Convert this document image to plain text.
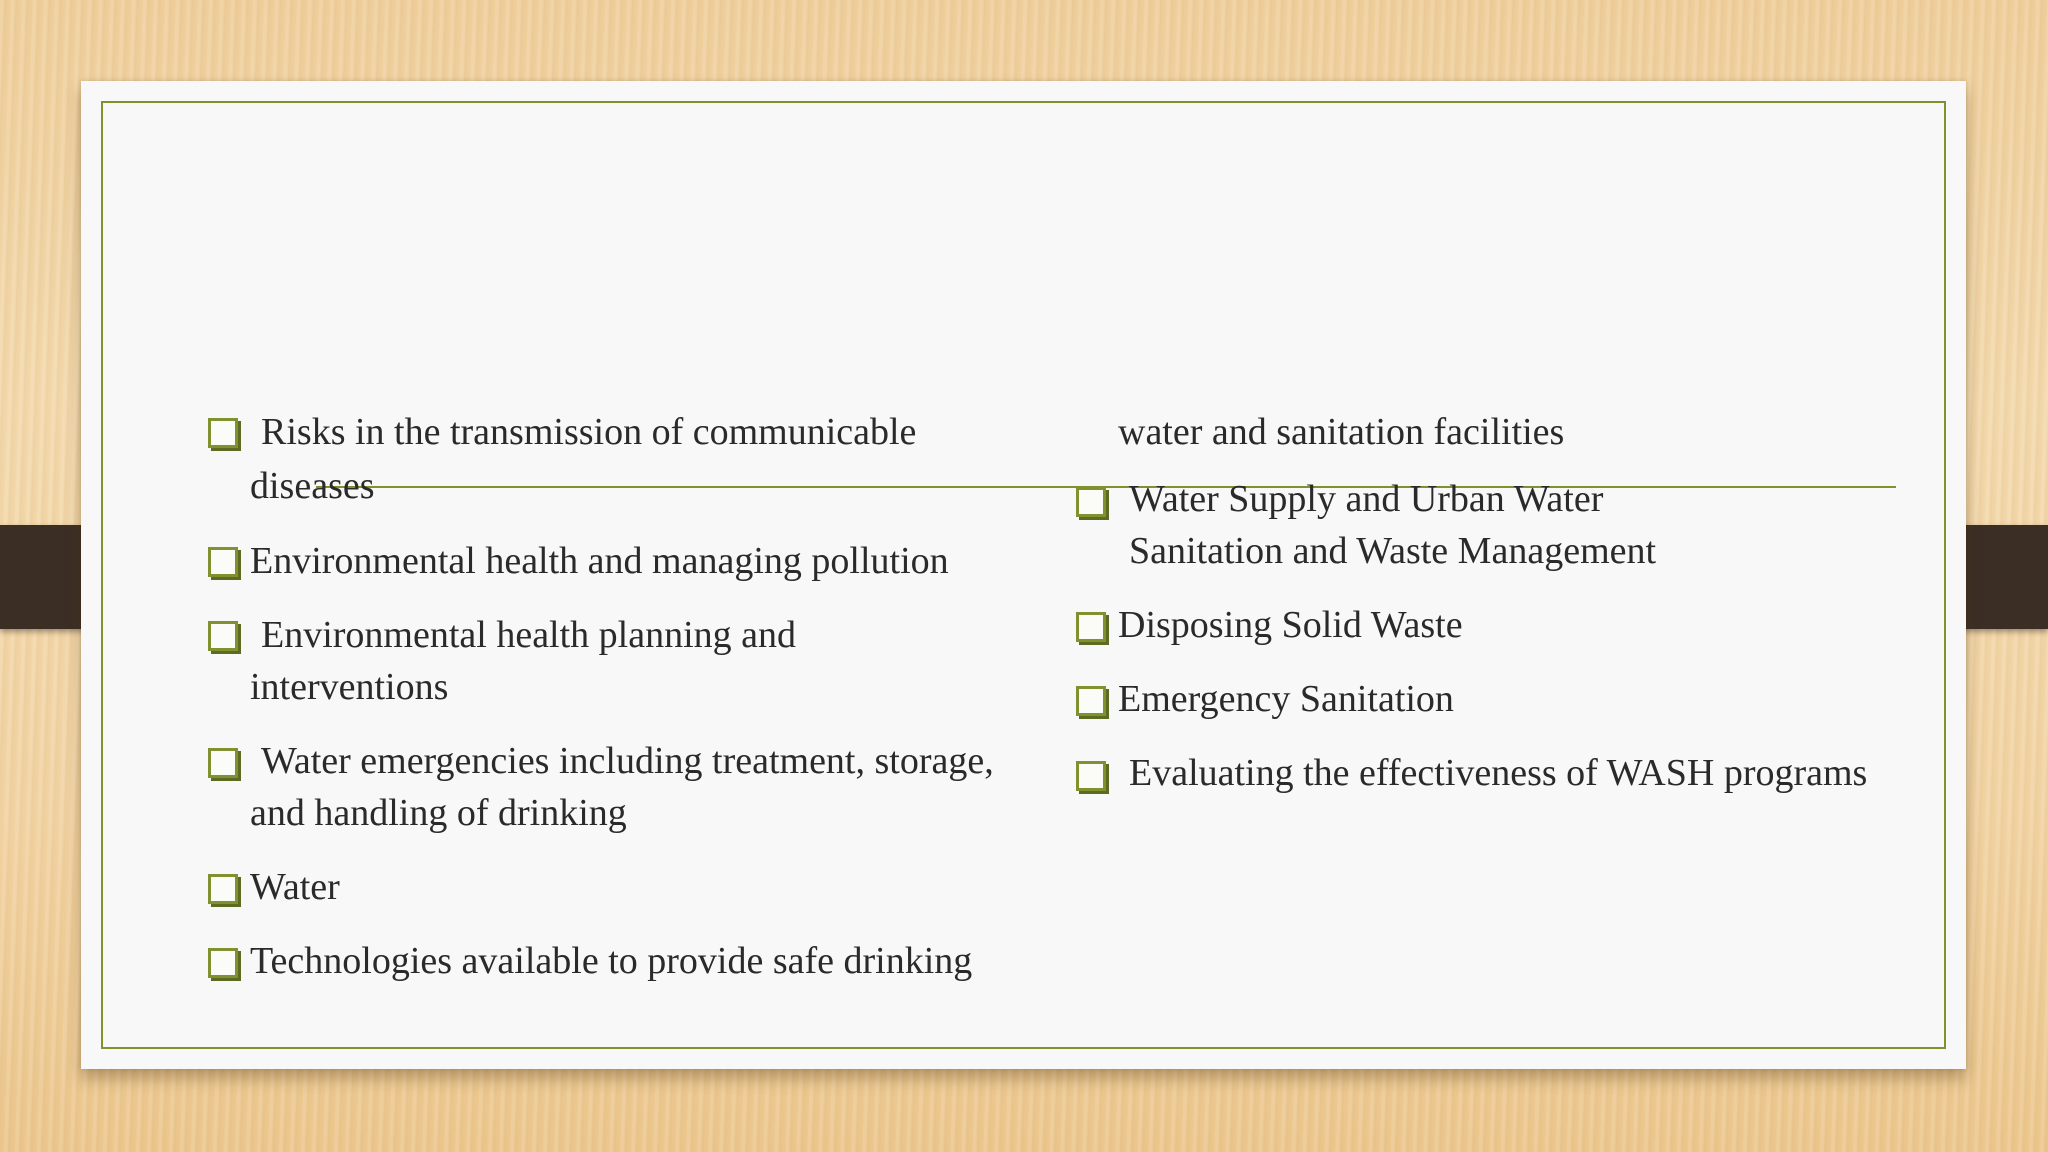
Risks in the transmission of communicable
diseases
Environmental health and managing pollution
Environmental health planning and
interventions
Water emergencies including treatment, storage,
and handling of drinking
Water
Technologies available to provide safe drinking
water and sanitation facilities
Water Supply and Urban Water
Sanitation and Waste Management
Disposing Solid Waste
Emergency Sanitation
Evaluating the effectiveness of WASH programs
